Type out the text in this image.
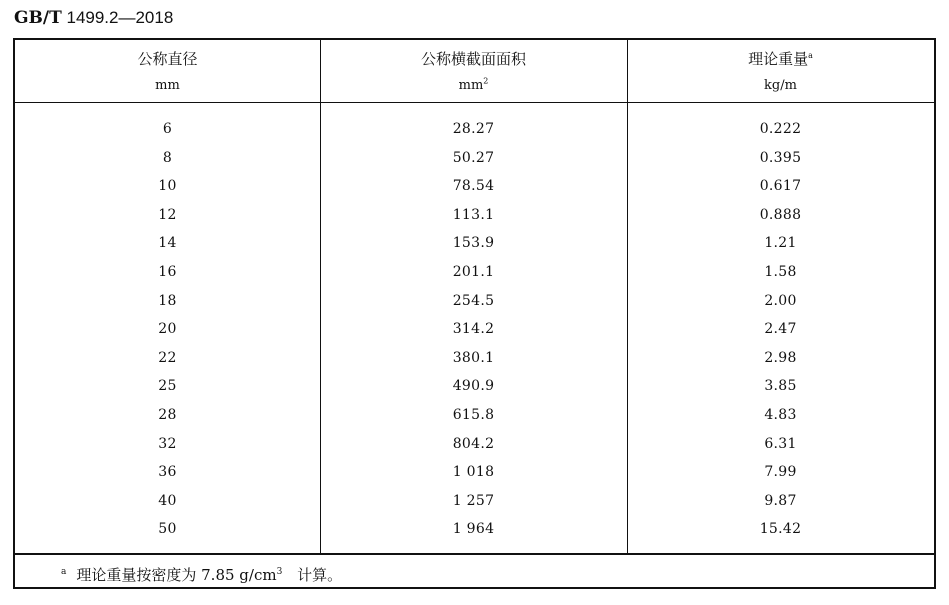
GB/T 1499.2—2018
公称直径
mm
公称横截面面积
$mm^2$
理论重量$^a$
kg/m
6
8
10
12
14
16
18
20
22
25
28
32
36
40
50
28.27
50.27
78.54
113.1
153.9
201.1
254.5
314.2
380.1
490.9
615.8
804.2
1 018
1 257
1 964
0.222
0.395
0.617
0.888
1.21
1.58
2.00
2.47
2.98
3.85
4.83
6.31
7.99
9.87
15.42
$^a$ 理论重量按密度为 7.85 $g/cm^3$ 计算。
